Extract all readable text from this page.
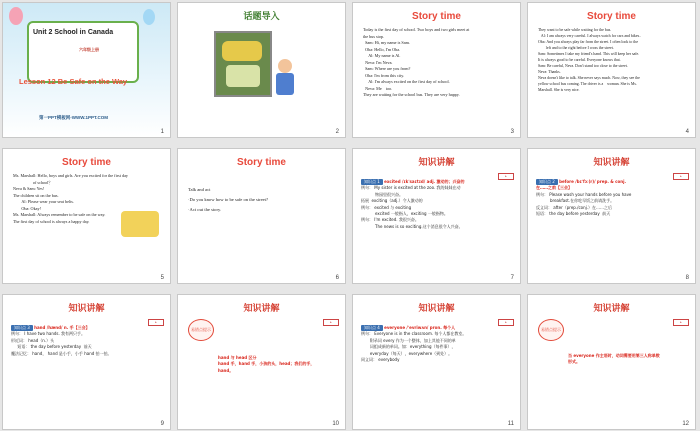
Unit 2 School in Canada
六年级上册
Lesson 12 Be Safe on the Way
第一PPT模板网-WWW.1PPT.COM
1
话题导入
2
Story time
Today is the first day of school. Two boys and two girls meet at
the bus stop.
Sam: Hi, my name is Sam.
Oba: Hello, I'm Oba.
Al: My name is Al.
Neva: I'm Neva.
Sam: Where are you from?
Oba: I'm from this city.
Al: I'm always excited on the first day of school.
Neva: Me    too.
They are waiting for the school bus. They are very happy.
3
Story time
They want to be safe while waiting for the bus.
Al: I am always very careful. I always watch for cars and bikes..
Oba: And you always play far from the street. I often look to the
left and to the right before I cross the street.
Sam: Sometimes I take my friend's hand. This will keep her safe.
It is always good to be careful. Everyone knows that.
Sam: Be careful, Neva. Don't stand too close to the street.
Neva: Thanks.
Neva doesn't like to talk. She never says much. Now, they see the
yellow school bus coming. The driver is a    woman. She is Ms.
Marshall. She is very nice.
4
Story time
Ms. Marshall: Hello, boys and girls. Are you excited for the first day
of school？
Neva & Sam: Yes!
The children sit on the bus.
Al: Please wear your seat belts.
Oba: Okay!
Ms. Marshall: Always remember to be safe on the way.
The first day of school is always a happy day.
5
Story time
Talk and act
·Do you know how to be safe on the street?
·Act out the story.
6
知识讲解
▸
知识点 1 excited /ɪkˈsaɪtɪd/ adj. 激动的；兴奋的
例句： My sister is excited at the zoo. 我的妹妹在动
物园里很兴奋。
拓展  exciting（adj.）令人激动的
例句： excited 与 exciting
excited 一般指人，exciting 一般指物。
例句： I'm excited. 我很兴奋。
The news is so exciting.这个消息很令人兴奋。
7
知识讲解
▸
知识点 2 before /bɪˈfɔː(r)/ prep. & conj.
在……之前【三会】
例句： Please wash your hands before you have
breakfast.在你吃早饭之前请洗手。
反义词： after（prep./conj.）在……之后
短语： the day before yesterday  前天
8
知识讲解
▸
知识点 3 hand /hænd/ n. 手【三会】
例句： I have two hands. 我有两只手。
形近词： head（n.）头
短语： the day before yesterday  前天
魔法记忆： hand， hand 是小手，小手 hand 拍一拍。
9
知识讲解
▸
易错点提示
hand 与 head 区分
hand 手，hand 手，小孩的头，head；我们的手，
hand。
10
知识讲解
▸
知识点 4 everyone /ˈevriwʌn/ pron. 每个人
例句： Everyone is in the classroom. 每个人都在教室。
附录词 every 作为一个整体，加上其他不同的单
词组成新的单词。如：everything（每件事），
everyday（每天），everywhere（到处）。
同义词： everybody
11
知识讲解
▸
易错点提示
当 everyone 作主语时，动词需要用第三人称单数
形式。
12
